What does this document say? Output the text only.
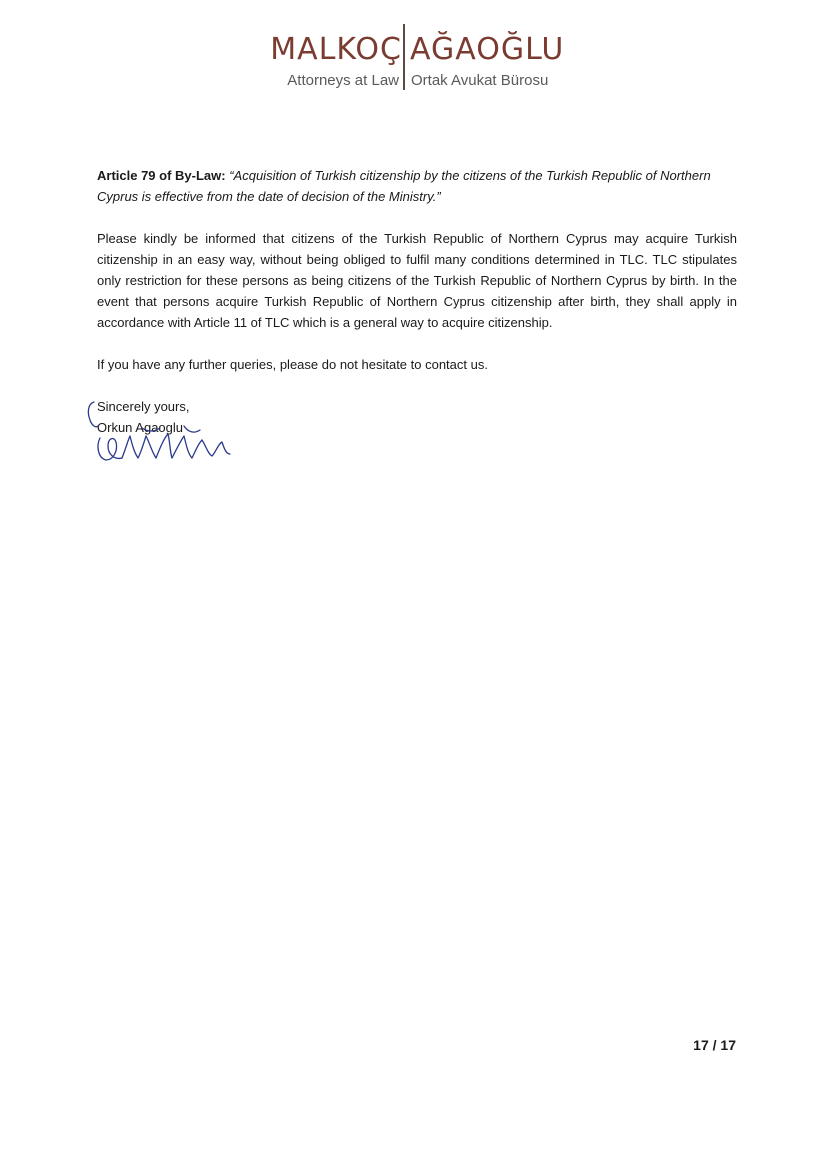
MALKOÇ AĞAOĞLU
Attorneys at Law Ortak Avukat Bürosu
Article 79 of By-Law: “Acquisition of Turkish citizenship by the citizens of the Turkish Republic of Northern Cyprus is effective from the date of decision of the Ministry.”
Please kindly be informed that citizens of the Turkish Republic of Northern Cyprus may acquire Turkish citizenship in an easy way, without being obliged to fulfil many conditions determined in TLC. TLC stipulates only restriction for these persons as being citizens of the Turkish Republic of Northern Cyprus by birth. In the event that persons acquire Turkish Republic of Northern Cyprus citizenship after birth, they shall apply in accordance with Article 11 of TLC which is a general way to acquire citizenship.
If you have any further queries, please do not hesitate to contact us.
Sincerely yours,
Orkun Agaoglu
17 / 17
